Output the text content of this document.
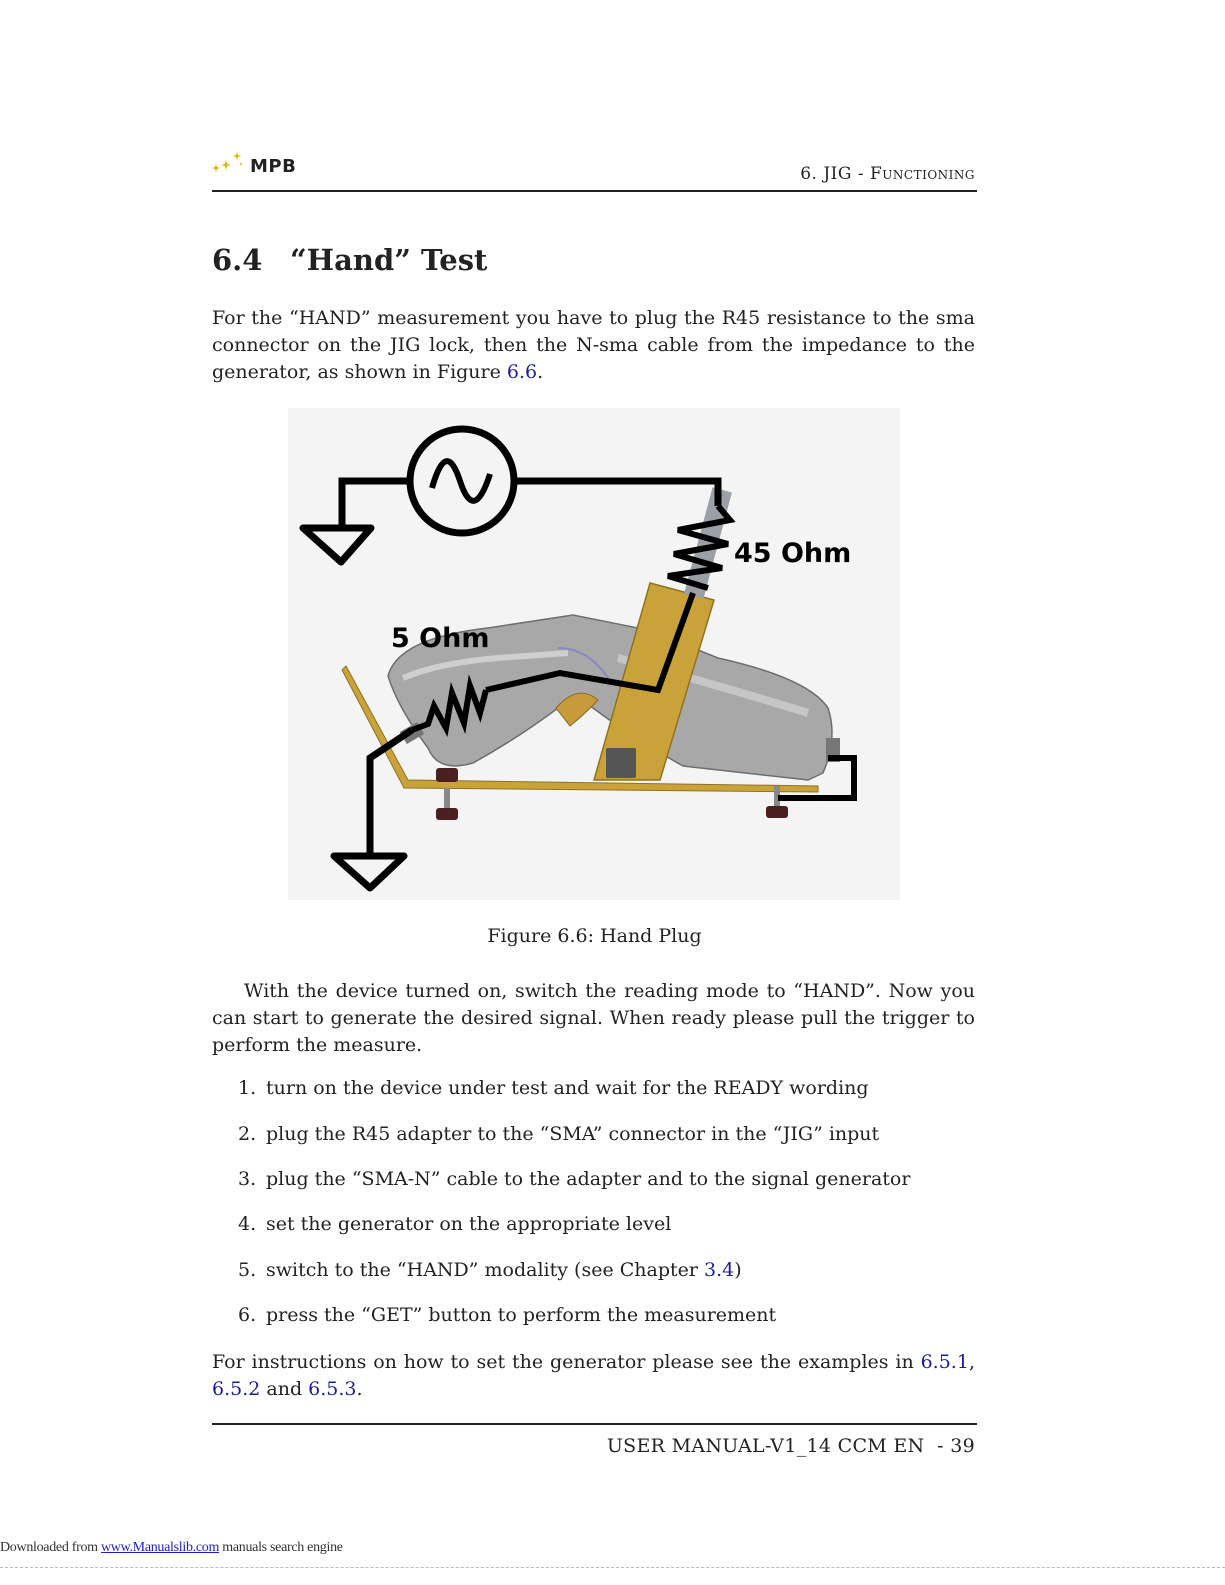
MPB	6. JIG - Functioning
6.4 “Hand” Test
For the “HAND” measurement you have to plug the R45 resistance to the sma connector on the JIG lock, then the N-sma cable from the impedance to the generator, as shown in Figure 6.6.
45 Ohm
5 Ohm
Figure 6.6: Hand Plug
With the device turned on, switch the reading mode to “HAND”. Now you can start to generate the desired signal. When ready please pull the trigger to perform the measure.
1. turn on the device under test and wait for the READY wording
2. plug the R45 adapter to the “SMA” connector in the “JIG” input
3. plug the “SMA-N” cable to the adapter and to the signal generator
4. set the generator on the appropriate level
5. switch to the “HAND” modality (see Chapter 3.4)
6. press the “GET” button to perform the measurement
For instructions on how to set the generator please see the examples in 6.5.1, 6.5.2 and 6.5.3.
USER MANUAL-V1_14 CCM EN  - 39
Downloaded from www.Manualslib.com manuals search engine
